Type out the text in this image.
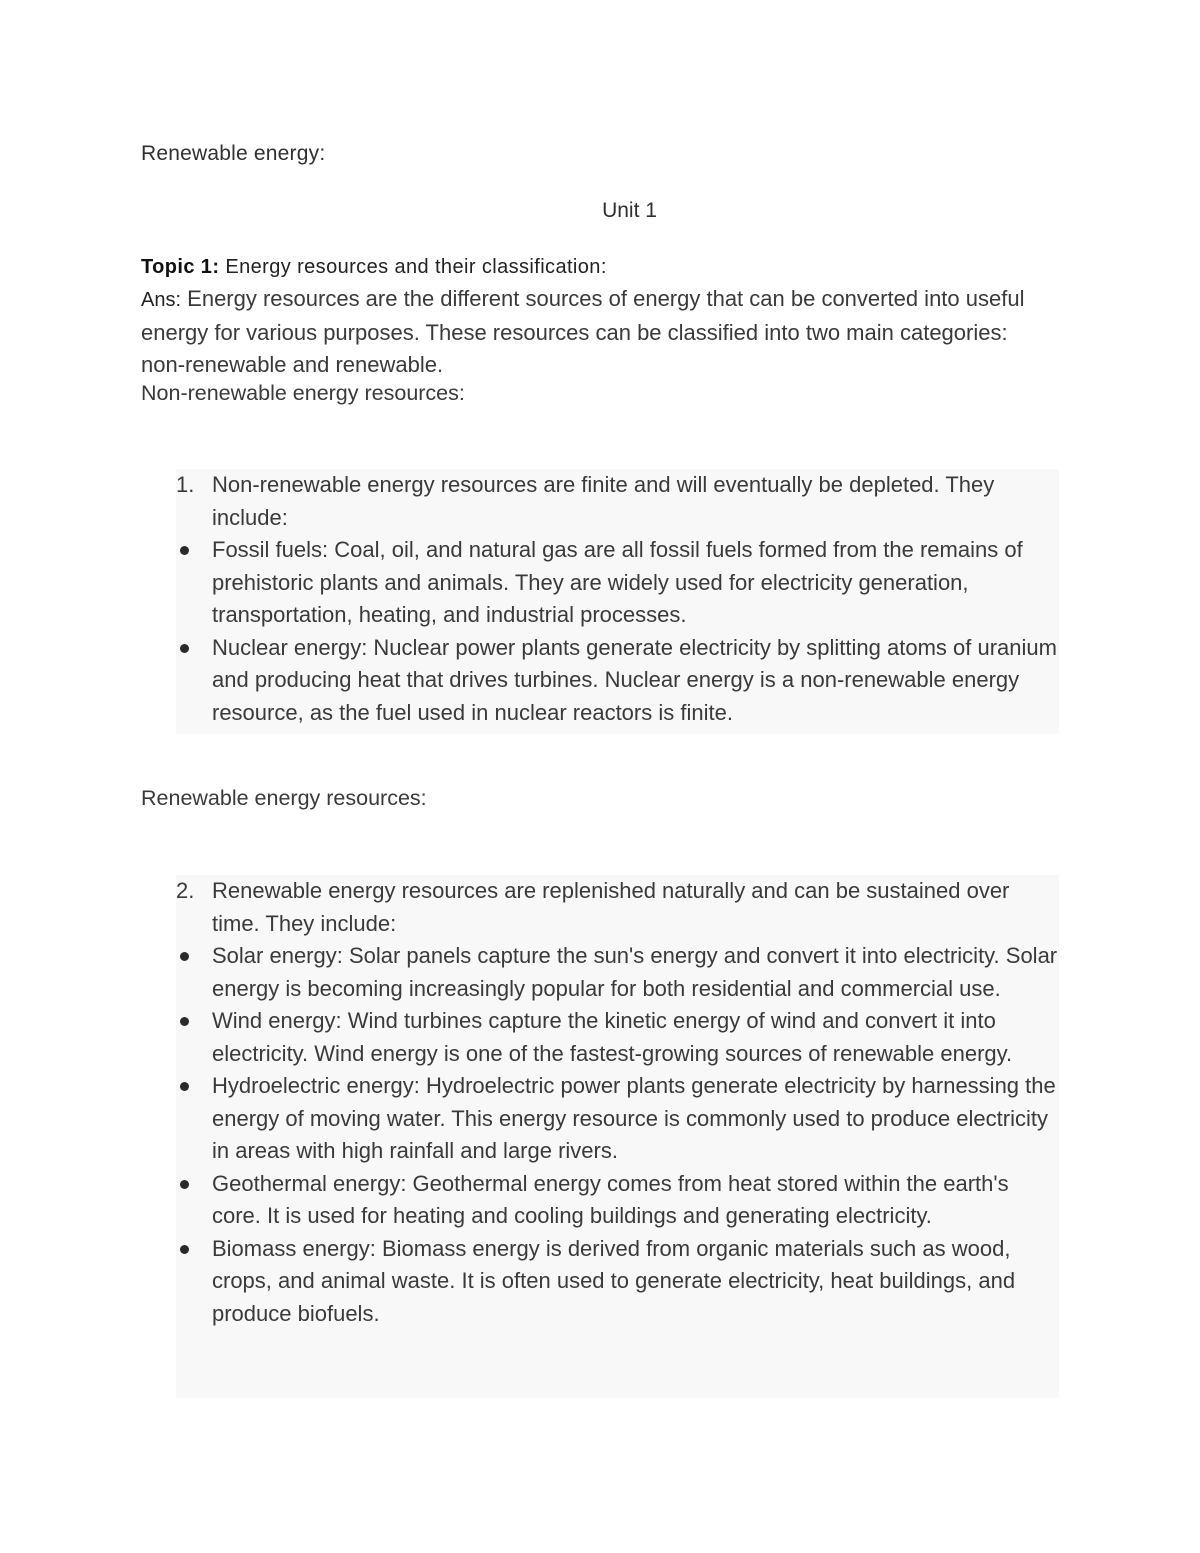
Renewable energy:
Unit 1
Topic 1: Energy resources and their classification:
Ans: Energy resources are the different sources of energy that can be converted into useful energy for various purposes. These resources can be classified into two main categories: non-renewable and renewable.
Non-renewable energy resources:
1. Non-renewable energy resources are finite and will eventually be depleted. They include:
Fossil fuels: Coal, oil, and natural gas are all fossil fuels formed from the remains of prehistoric plants and animals. They are widely used for electricity generation, transportation, heating, and industrial processes.
Nuclear energy: Nuclear power plants generate electricity by splitting atoms of uranium and producing heat that drives turbines. Nuclear energy is a non-renewable energy resource, as the fuel used in nuclear reactors is finite.
Renewable energy resources:
2. Renewable energy resources are replenished naturally and can be sustained over time. They include:
Solar energy: Solar panels capture the sun's energy and convert it into electricity. Solar energy is becoming increasingly popular for both residential and commercial use.
Wind energy: Wind turbines capture the kinetic energy of wind and convert it into electricity. Wind energy is one of the fastest-growing sources of renewable energy.
Hydroelectric energy: Hydroelectric power plants generate electricity by harnessing the energy of moving water. This energy resource is commonly used to produce electricity in areas with high rainfall and large rivers.
Geothermal energy: Geothermal energy comes from heat stored within the earth's core. It is used for heating and cooling buildings and generating electricity.
Biomass energy: Biomass energy is derived from organic materials such as wood, crops, and animal waste. It is often used to generate electricity, heat buildings, and produce biofuels.
